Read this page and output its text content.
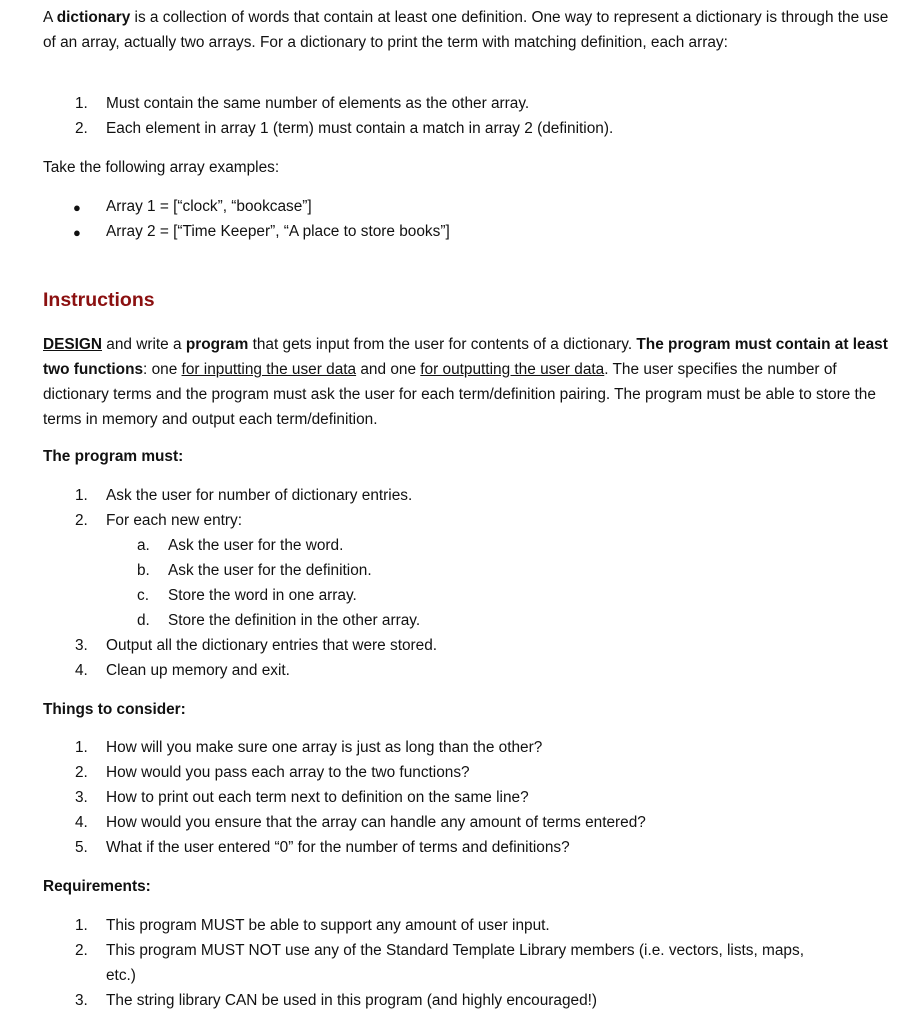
A dictionary is a collection of words that contain at least one definition. One way to represent a dictionary is through the use of an array, actually two arrays. For a dictionary to print the term with matching definition, each array:

1. Must contain the same number of elements as the other array.
2. Each element in array 1 (term) must contain a match in array 2 (definition).
Take the following array examples:
● Array 1 = [“clock”, “bookcase”]
● Array 2 = [“Time Keeper”, “A place to store books”]
Instructions

DESIGN and write a program that gets input from the user for contents of a dictionary. The program must contain at least two functions: one for inputting the user data and one for outputting the user data. The user specifies the number of dictionary terms and the program must ask the user for each term/definition pairing. The program must be able to store the terms in memory and output each term/definition.

The program must:
1. Ask the user for number of dictionary entries.
2. For each new entry:
a. Ask the user for the word.
b. Ask the user for the definition.
c. Store the word in one array.
d. Store the definition in the other array.
3. Output all the dictionary entries that were stored.
4. Clean up memory and exit.
Things to consider:
1. How will you make sure one array is just as long than the other?
2. How would you pass each array to the two functions?
3. How to print out each term next to definition on the same line?
4. How would you ensure that the array can handle any amount of terms entered?
5. What if the user entered “0” for the number of terms and definitions?
Requirements:
1. This program MUST be able to support any amount of user input.
2. This program MUST NOT use any of the Standard Template Library members (i.e. vectors, lists, maps,
etc.)
3. The string library CAN be used in this program (and highly encouraged!)
